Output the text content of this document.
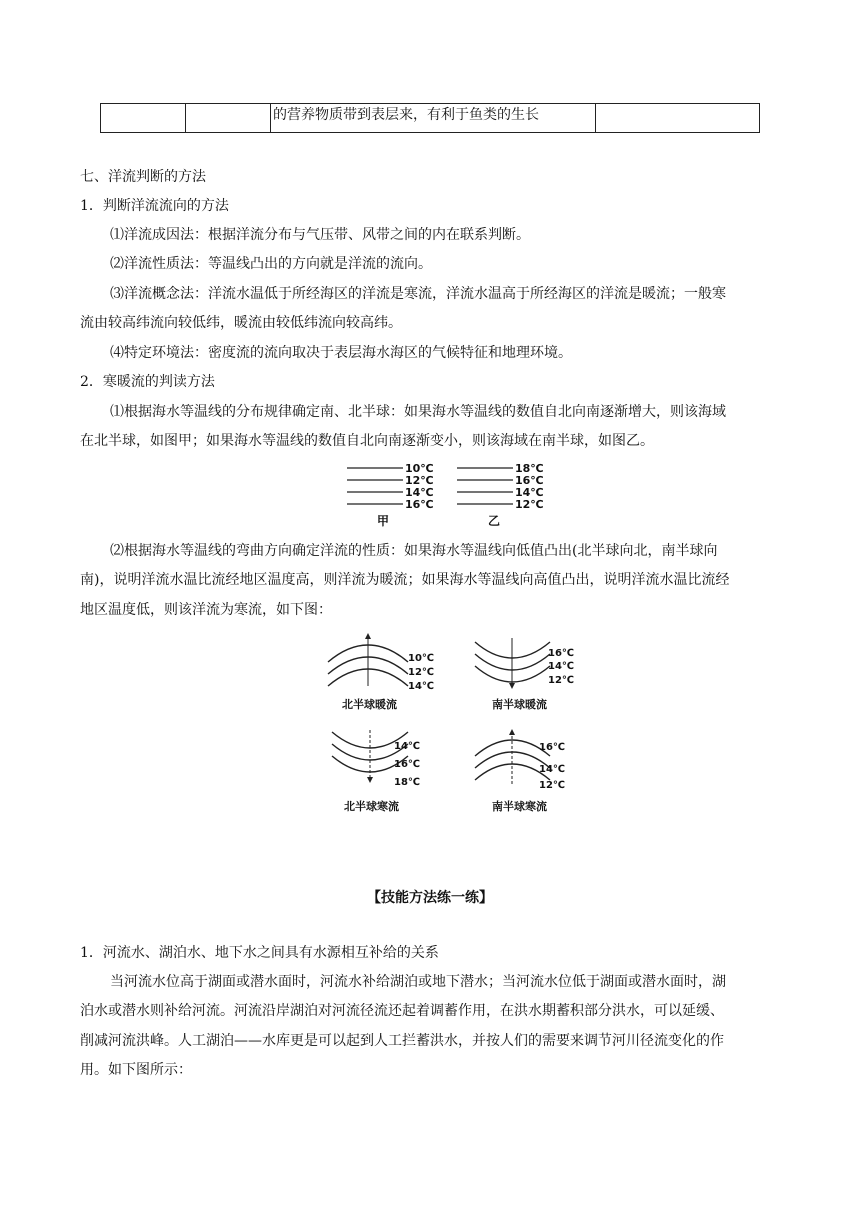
的营养物质带到表层来，有利于鱼类的生长
七、洋流判断的方法
1．判断洋流流向的方法
⑴洋流成因法：根据洋流分布与气压带、风带之间的内在联系判断。
⑵洋流性质法：等温线凸出的方向就是洋流的流向。
⑶洋流概念法：洋流水温低于所经海区的洋流是寒流，洋流水温高于所经海区的洋流是暖流；一般寒
流由较高纬流向较低纬，暖流由较低纬流向较高纬。
⑷特定环境法：密度流的流向取决于表层海水海区的气候特征和地理环境。
2．寒暖流的判读方法
⑴根据海水等温线的分布规律确定南、北半球：如果海水等温线的数值自北向南逐渐增大，则该海域
在北半球，如图甲；如果海水等温线的数值自北向南逐渐变小，则该海域在南半球，如图乙。
10℃
12℃
14℃
16℃
18℃
16℃
14℃
12℃
甲	乙
⑵根据海水等温线的弯曲方向确定洋流的性质：如果海水等温线向低值凸出(北半球向北，南半球向
南)，说明洋流水温比流经地区温度高，则洋流为暖流；如果海水等温线向高值凸出，说明洋流水温比流经
地区温度低，则该洋流为寒流，如下图：
10℃
12℃
14℃
北半球暖流
16℃
14℃
12℃
南半球暖流
14℃
16℃
18℃
北半球寒流
16℃
14℃
12℃
南半球寒流
【技能方法练一练】
1．河流水、湖泊水、地下水之间具有水源相互补给的关系
当河流水位高于湖面或潜水面时，河流水补给湖泊或地下潜水；当河流水位低于湖面或潜水面时，湖
泊水或潜水则补给河流。河流沿岸湖泊对河流径流还起着调蓄作用，在洪水期蓄积部分洪水，可以延缓、
削减河流洪峰。人工湖泊——水库更是可以起到人工拦蓄洪水，并按人们的需要来调节河川径流变化的作
用。如下图所示：
